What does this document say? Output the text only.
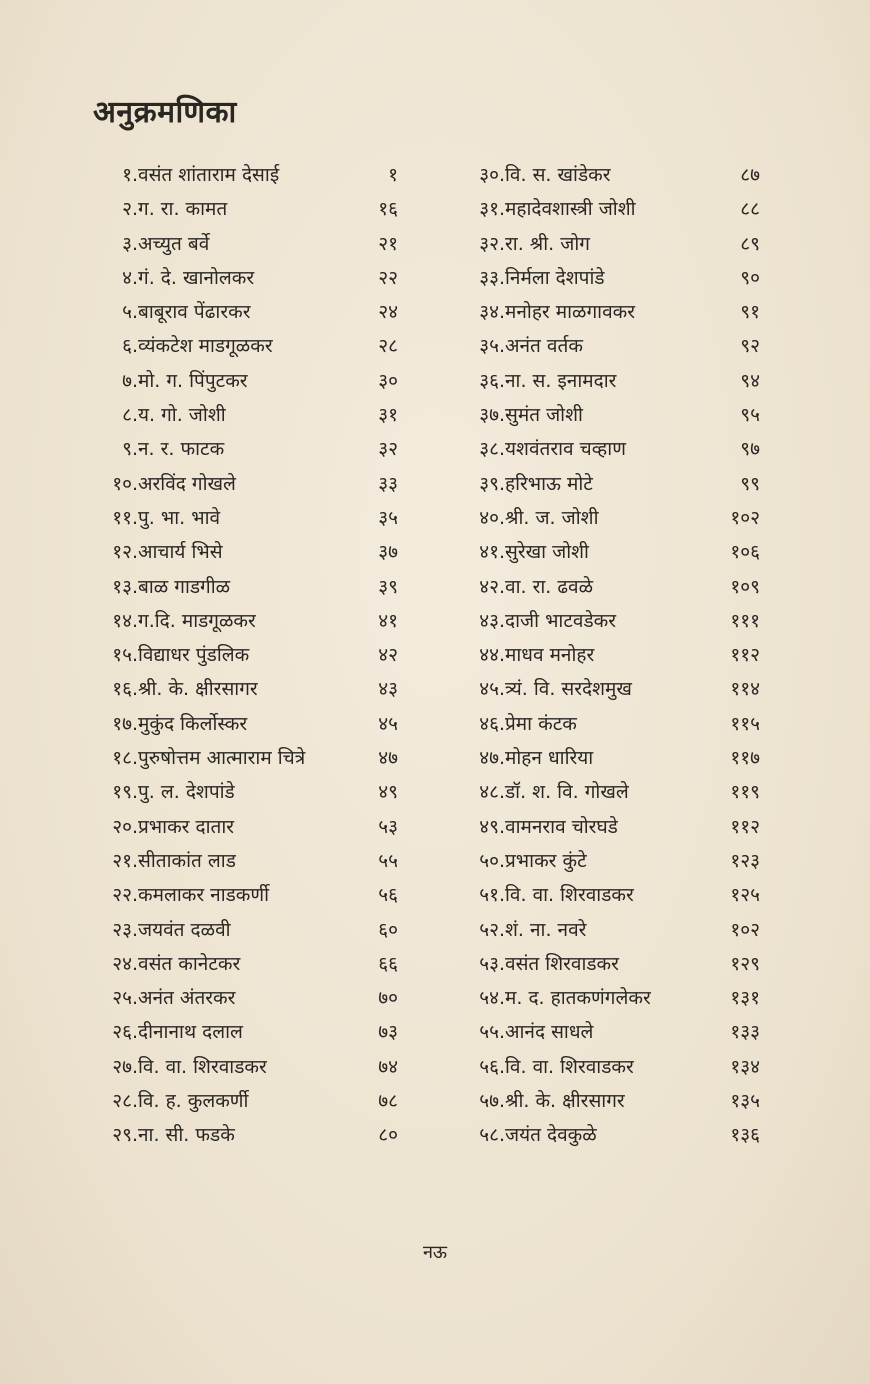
अनुक्रमणिका
१. वसंत शांताराम देसाई	१
२. ग. रा. कामत	१६
३. अच्युत बर्वे	२१
४. गं. दे. खानोलकर	२२
५. बाबूराव पेंढारकर	२४
६. व्यंकटेश माडगूळकर	२८
७. मो. ग. पिंपुटकर	३०
८. य. गो. जोशी	३१
९. न. र. फाटक	३२
१०. अरविंद गोखले	३३
११. पु. भा. भावे	३५
१२. आचार्य भिसे	३७
१३. बाळ गाडगीळ	३९
१४. ग.दि. माडगूळकर	४१
१५. विद्याधर पुंडलिक	४२
१६. श्री. के. क्षीरसागर	४३
१७. मुकुंद किर्लोस्कर	४५
१८. पुरुषोत्तम आत्माराम चित्रे	४७
१९. पु. ल. देशपांडे	४९
२०. प्रभाकर दातार	५३
२१. सीताकांत लाड	५५
२२. कमलाकर नाडकर्णी	५६
२३. जयवंत दळवी	६०
२४. वसंत कानेटकर	६६
२५. अनंत अंतरकर	७०
२६. दीनानाथ दलाल	७३
२७. वि. वा. शिरवाडकर	७४
२८. वि. ह. कुलकर्णी	७८
२९. ना. सी. फडके	८०
३०. वि. स. खांडेकर	८७
३१. महादेवशास्त्री जोशी	८८
३२. रा. श्री. जोग	८९
३३. निर्मला देशपांडे	९०
३४. मनोहर माळगावकर	९१
३५. अनंत वर्तक	९२
३६. ना. स. इनामदार	९४
३७. सुमंत जोशी	९५
३८. यशवंतराव चव्हाण	९७
३९. हरिभाऊ मोटे	९९
४०. श्री. ज. जोशी	१०२
४१. सुरेखा जोशी	१०६
४२. वा. रा. ढवळे	१०९
४३. दाजी भाटवडेकर	१११
४४. माधव मनोहर	११२
४५. त्र्यं. वि. सरदेशमुख	११४
४६. प्रेमा कंटक	११५
४७. मोहन धारिया	११७
४८. डॉ. श. वि. गोखले	११९
४९. वामनराव चोरघडे	११२
५०. प्रभाकर कुंटे	१२३
५१. वि. वा. शिरवाडकर	१२५
५२. शं. ना. नवरे	१०२
५३. वसंत शिरवाडकर	१२९
५४. म. द. हातकणंगलेकर	१३१
५५. आनंद साधले	१३३
५६. वि. वा. शिरवाडकर	१३४
५७. श्री. के. क्षीरसागर	१३५
५८. जयंत देवकुळे	१३६
नऊ
